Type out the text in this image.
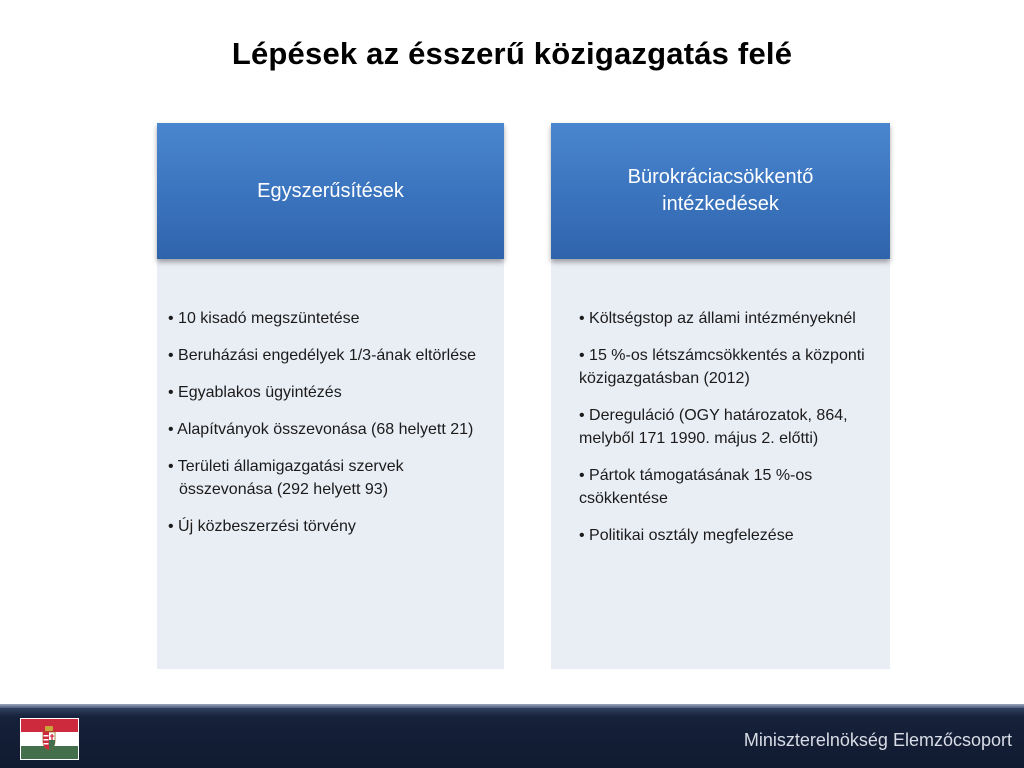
Lépések az ésszerű közigazgatás felé
Egyszerűsítések
• 10 kisadó megszüntetése
• Beruházási engedélyek 1/3-ának eltörlése
• Egyablakos ügyintézés
• Alapítványok összevonása (68 helyett 21)
• Területi államigazgatási szervek összevonása (292 helyett 93)
• Új közbeszerzési törvény
Bürokráciacsökkentő intézkedések
• Költségstop az állami intézményeknél
• 15 %-os létszámcsökkentés a központi közigazgatásban (2012)
• Dereguláció (OGY határozatok, 864, melyből 171 1990. május 2. előtti)
• Pártok támogatásának 15 %-os csökkentése
• Politikai osztály megfelezése
Miniszterelnökség Elemzőcsoport
